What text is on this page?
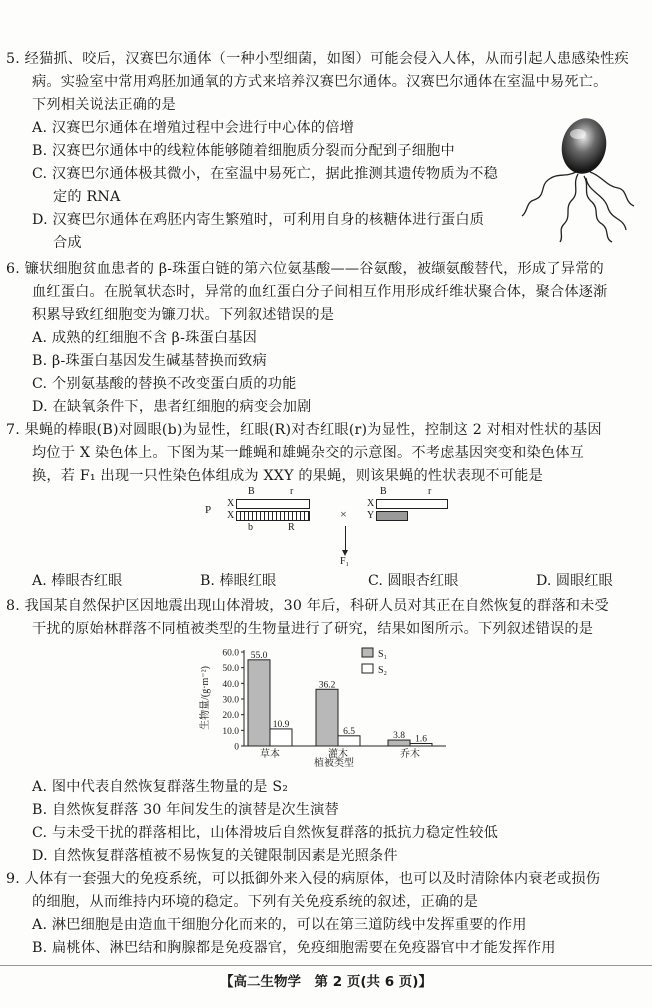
5. 经猫抓、咬后，汉赛巴尔通体（一种小型细菌，如图）可能会侵入人体，从而引起人患感染性疾
病。实验室中常用鸡胚加通氧的方式来培养汉赛巴尔通体。汉赛巴尔通体在室温中易死亡。
下列相关说法正确的是
A. 汉赛巴尔通体在增殖过程中会进行中心体的倍增
B. 汉赛巴尔通体中的线粒体能够随着细胞质分裂而分配到子细胞中
C. 汉赛巴尔通体极其微小，在室温中易死亡，据此推测其遗传物质为不稳
定的 RNA
D. 汉赛巴尔通体在鸡胚内寄生繁殖时，可利用自身的核糖体进行蛋白质
合成
6. 镰状细胞贫血患者的 β-珠蛋白链的第六位氨基酸——谷氨酸，被缬氨酸替代，形成了异常的
血红蛋白。在脱氧状态时，异常的血红蛋白分子间相互作用形成纤维状聚合体，聚合体逐渐
积累导致红细胞变为镰刀状。下列叙述错误的是
A. 成熟的红细胞不含 β-珠蛋白基因
B. β-珠蛋白基因发生碱基替换而致病
C. 个别氨基酸的替换不改变蛋白质的功能
D. 在缺氧条件下，患者红细胞的病变会加剧
7. 果蝇的棒眼(B)对圆眼(b)为显性，红眼(R)对杏红眼(r)为显性，控制这 2 对相对性状的基因
均位于 X 染色体上。下图为某一雌蝇和雄蝇杂交的示意图。不考虑基因突变和染色体互
换，若 F₁ 出现一只性染色体组成为 XXY 的果蝇，则该果蝇的性状表现不可能是
P
B	r
X
X
b	R
×
B	r
X
Y
F₁
A. 棒眼杏红眼	B. 棒眼红眼	C. 圆眼杏红眼	D. 圆眼红眼
8. 我国某自然保护区因地震出现山体滑坡，30 年后，科研人员对其正在自然恢复的群落和未受
干扰的原始林群落不同植被类型的生物量进行了研究，结果如图所示。下列叙述错误的是
生物量/(g·m⁻²)
0
10.0
20.0
30.0
40.0
50.0
60.0 55.0
10.9
草本
36.2
6.5
灌木
3.8 1.6
乔木
S₁
S₂
植被类型
A. 图中代表自然恢复群落生物量的是 S₂
B. 自然恢复群落 30 年间发生的演替是次生演替
C. 与未受干扰的群落相比，山体滑坡后自然恢复群落的抵抗力稳定性较低
D. 自然恢复群落植被不易恢复的关键限制因素是光照条件
9. 人体有一套强大的免疫系统，可以抵御外来入侵的病原体，也可以及时清除体内衰老或损伤
的细胞，从而维持内环境的稳定。下列有关免疫系统的叙述，正确的是
A. 淋巴细胞是由造血干细胞分化而来的，可以在第三道防线中发挥重要的作用
B. 扁桃体、淋巴结和胸腺都是免疫器官，免疫细胞需要在免疫器官中才能发挥作用
【高二生物学　第 2 页(共 6 页)】
